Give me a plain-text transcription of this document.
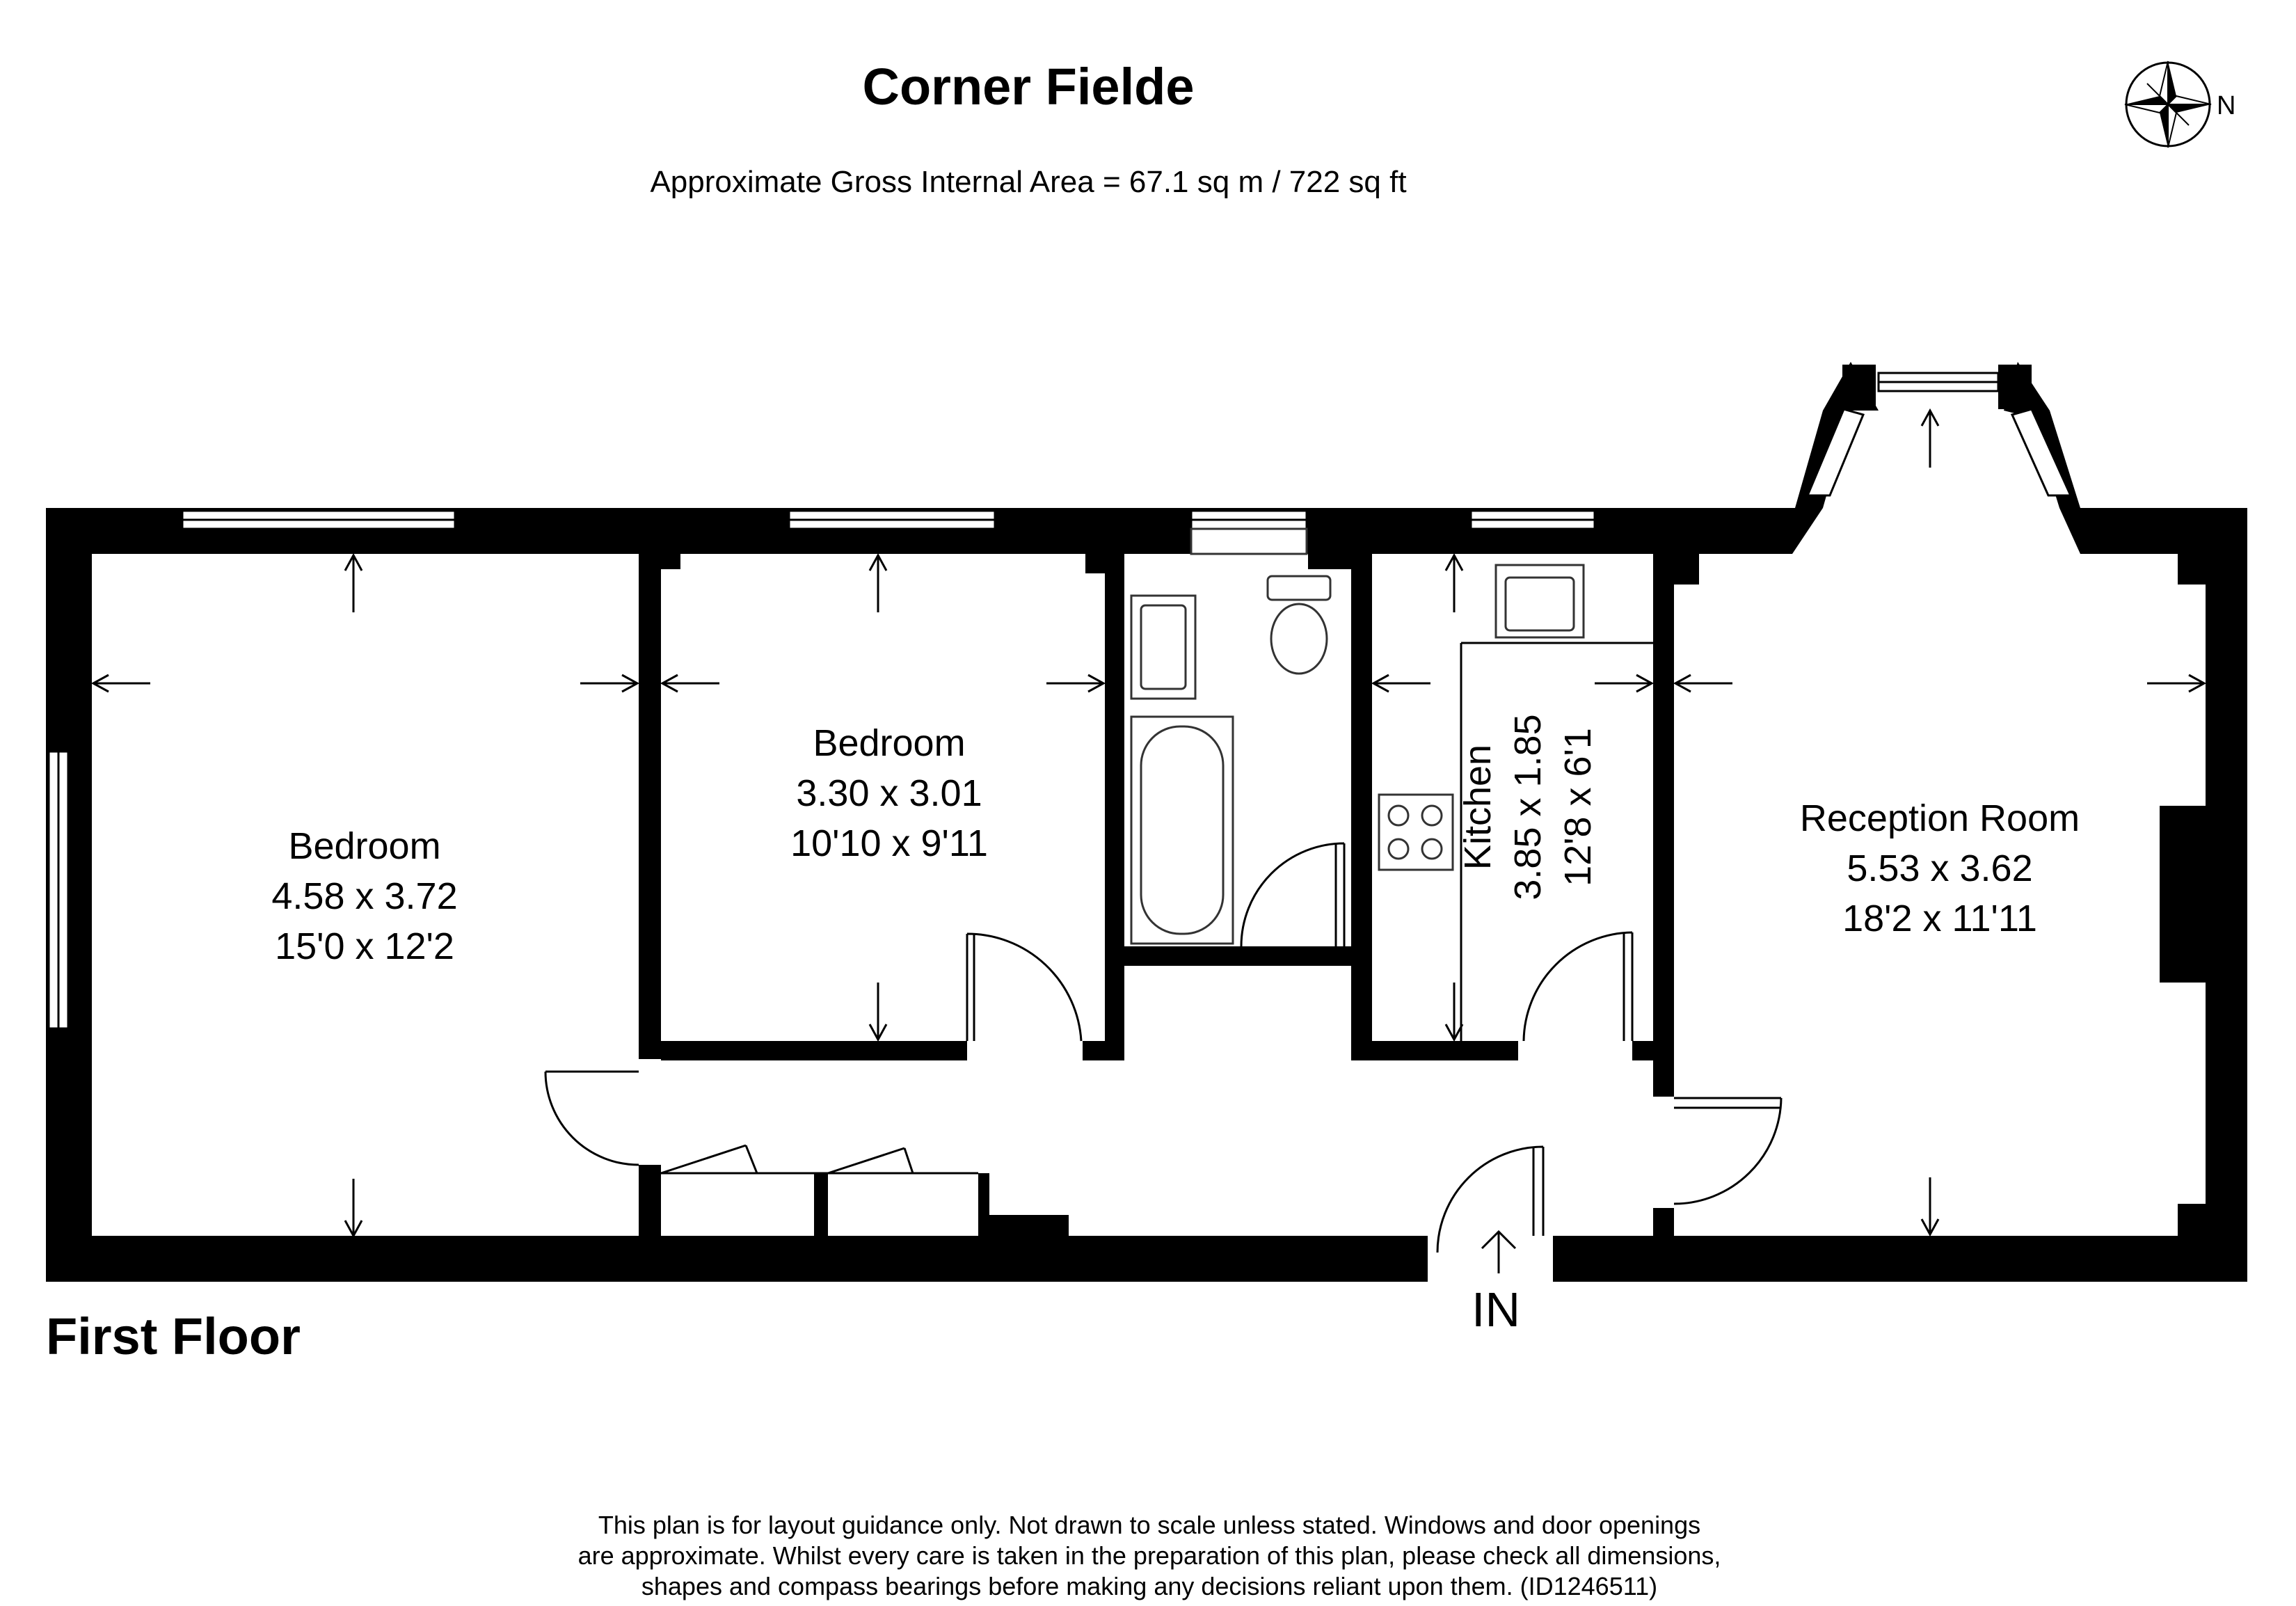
Corner Fielde
Approximate Gross Internal Area = 67.1 sq m / 722 sq ft
N
Bedroom
4.58 x 3.72
15'0 x 12'2
Bedroom
3.30 x 3.01
10'10 x 9'11	Kitchen 3.85 x 1.85 12'8 x 6'1	Reception Room
5.53 x 3.62
18'2 x 11'11
IN
First Floor
This plan is for layout guidance only. Not drawn to scale unless stated. Windows and door openings
are approximate. Whilst every care is taken in the preparation of this plan, please check all dimensions,
shapes and compass bearings before making any decisions reliant upon them. (ID1246511)
